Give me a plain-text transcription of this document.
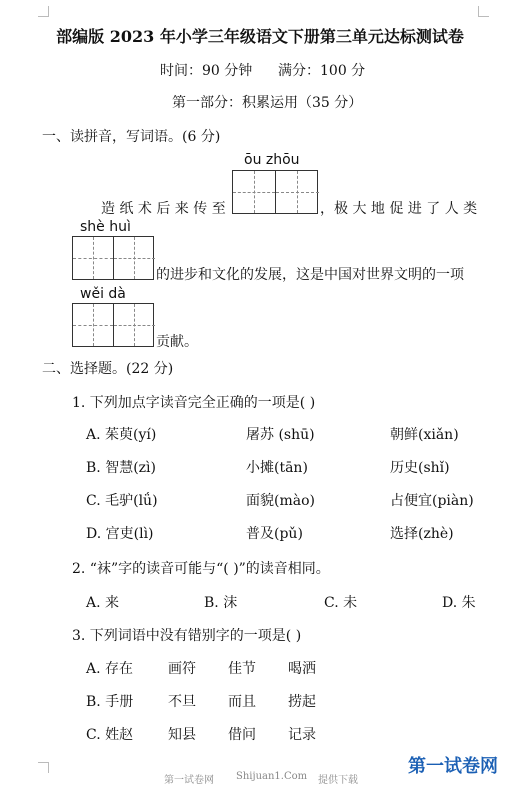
部编版 2023 年小学三年级语文下册第三单元达标测试卷
时间：90 分钟 满分：100 分
第一部分：积累运用（35 分）
一、读拼音，写词语。(6 分)
ōu zhōu
造 纸 术 后 来 传 至	，极 大 地 促 进 了 人 类
shè huì
的进步和文化的发展，这是中国对世界文明的一项
wěi dà
贡献。
二、选择题。(22 分)
1. 下列加点字读音完全正确的一项是( )
A. 茱萸(yí)	屠苏 (shū)	朝鲜(xiǎn)
B. 智慧(zì)	小摊(tān)	历史(shǐ)
C. 毛驴(lǘ)	面貌(mào)	占便宜(piàn)
D. 宫吏(lì)	普及(pǔ)	选择(zhè)
2. “袜”字的读音可能与“( )”的读音相同。
A. 来	B. 沫	C. 未	D. 朱
3. 下列词语中没有错别字的一项是( )
A. 存在 画符 佳节 喝洒
B. 手册 不旦 而且 捞起
C. 姓赵 知县 借问 记录
第一试卷网 Shijuan1.Com 提供下载
第一试卷网
